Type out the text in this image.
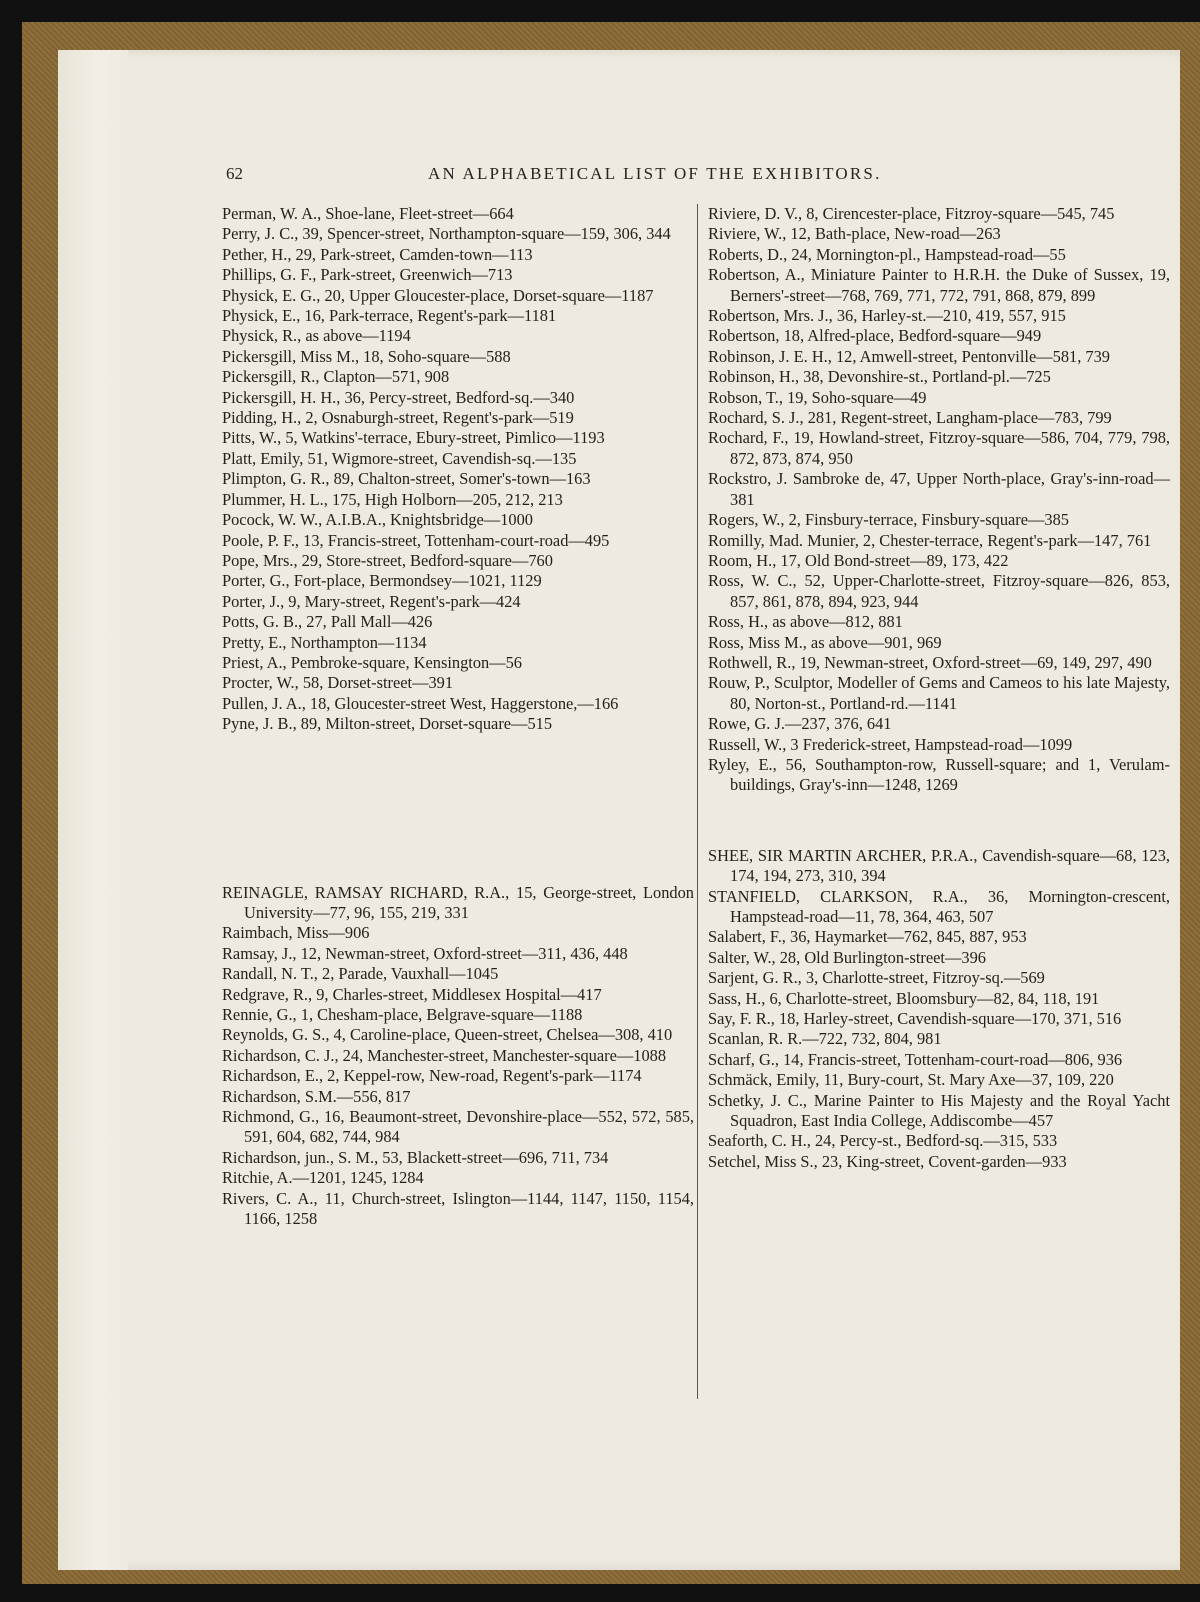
62	AN ALPHABETICAL LIST OF THE EXHIBITORS.

Perman, W. A., Shoe-lane, Fleet-street—664

Perry, J. C., 39, Spencer-street, Northampton-square—159, 306, 344

Pether, H., 29, Park-street, Camden-town—113

Phillips, G. F., Park-street, Greenwich—713

Physick, E. G., 20, Upper Gloucester-place, Dorset-square—1187

Physick, E., 16, Park-terrace, Regent's-park—1181

Physick, R., as above—1194

Pickersgill, Miss M., 18, Soho-square—588

Pickersgill, R., Clapton—571, 908

Pickersgill, H. H., 36, Percy-street, Bedford-sq.—340

Pidding, H., 2, Osnaburgh-street, Regent's-park—519

Pitts, W., 5, Watkins'-terrace, Ebury-street, Pimlico—1193

Platt, Emily, 51, Wigmore-street, Cavendish-sq.—135

Plimpton, G. R., 89, Chalton-street, Somer's-town—163

Plummer, H. L., 175, High Holborn—205, 212, 213

Pocock, W. W., A.I.B.A., Knightsbridge—1000

Poole, P. F., 13, Francis-street, Tottenham-court-road—495

Pope, Mrs., 29, Store-street, Bedford-square—760

Porter, G., Fort-place, Bermondsey—1021, 1129

Porter, J., 9, Mary-street, Regent's-park—424

Potts, G. B., 27, Pall Mall—426

Pretty, E., Northampton—1134

Priest, A., Pembroke-square, Kensington—56

Procter, W., 58, Dorset-street—391

Pullen, J. A., 18, Gloucester-street West, Haggerstone,—166

Pyne, J. B., 89, Milton-street, Dorset-square—515

REINAGLE, RAMSAY RICHARD, R.A., 15, George-street, London University—77, 96, 155, 219, 331

Raimbach, Miss—906

Ramsay, J., 12, Newman-street, Oxford-street—311, 436, 448

Randall, N. T., 2, Parade, Vauxhall—1045

Redgrave, R., 9, Charles-street, Middlesex Hospital—417

Rennie, G., 1, Chesham-place, Belgrave-square—1188

Reynolds, G. S., 4, Caroline-place, Queen-street, Chelsea—308, 410

Richardson, C. J., 24, Manchester-street, Manchester-square—1088

Richardson, E., 2, Keppel-row, New-road, Regent's-park—1174

Richardson, S.M.—556, 817

Richmond, G., 16, Beaumont-street, Devonshire-place—552, 572, 585, 591, 604, 682, 744, 984

Richardson, jun., S. M., 53, Blackett-street—696, 711, 734

Ritchie, A.—1201, 1245, 1284

Rivers, C. A., 11, Church-street, Islington—1144, 1147, 1150, 1154, 1166, 1258

Riviere, D. V., 8, Cirencester-place, Fitzroy-square—545, 745

Riviere, W., 12, Bath-place, New-road—263

Roberts, D., 24, Mornington-pl., Hampstead-road—55

Robertson, A., Miniature Painter to H.R.H. the Duke of Sussex, 19, Berners'-street—768, 769, 771, 772, 791, 868, 879, 899

Robertson, Mrs. J., 36, Harley-st.—210, 419, 557, 915

Robertson, 18, Alfred-place, Bedford-square—949

Robinson, J. E. H., 12, Amwell-street, Pentonville—581, 739

Robinson, H., 38, Devonshire-st., Portland-pl.—725

Robson, T., 19, Soho-square—49

Rochard, S. J., 281, Regent-street, Langham-place—783, 799

Rochard, F., 19, Howland-street, Fitzroy-square—586, 704, 779, 798, 872, 873, 874, 950

Rockstro, J. Sambroke de, 47, Upper North-place, Gray's-inn-road—381

Rogers, W., 2, Finsbury-terrace, Finsbury-square—385

Romilly, Mad. Munier, 2, Chester-terrace, Regent's-park—147, 761

Room, H., 17, Old Bond-street—89, 173, 422

Ross, W. C., 52, Upper-Charlotte-street, Fitzroy-square—826, 853, 857, 861, 878, 894, 923, 944

Ross, H., as above—812, 881

Ross, Miss M., as above—901, 969

Rothwell, R., 19, Newman-street, Oxford-street—69, 149, 297, 490

Rouw, P., Sculptor, Modeller of Gems and Cameos to his late Majesty, 80, Norton-st., Portland-rd.—1141

Rowe, G. J.—237, 376, 641

Russell, W., 3 Frederick-street, Hampstead-road—1099

Ryley, E., 56, Southampton-row, Russell-square; and 1, Verulam-buildings, Gray's-inn—1248, 1269

SHEE, SIR MARTIN ARCHER, P.R.A., Cavendish-square—68, 123, 174, 194, 273, 310, 394

STANFIELD, CLARKSON, R.A., 36, Mornington-crescent, Hampstead-road—11, 78, 364, 463, 507

Salabert, F., 36, Haymarket—762, 845, 887, 953

Salter, W., 28, Old Burlington-street—396

Sarjent, G. R., 3, Charlotte-street, Fitzroy-sq.—569

Sass, H., 6, Charlotte-street, Bloomsbury—82, 84, 118, 191

Say, F. R., 18, Harley-street, Cavendish-square—170, 371, 516

Scanlan, R. R.—722, 732, 804, 981

Scharf, G., 14, Francis-street, Tottenham-court-road—806, 936

Schmäck, Emily, 11, Bury-court, St. Mary Axe—37, 109, 220

Schetky, J. C., Marine Painter to His Majesty and the Royal Yacht Squadron, East India College, Addiscombe—457

Seaforth, C. H., 24, Percy-st., Bedford-sq.—315, 533

Setchel, Miss S., 23, King-street, Covent-garden—933
